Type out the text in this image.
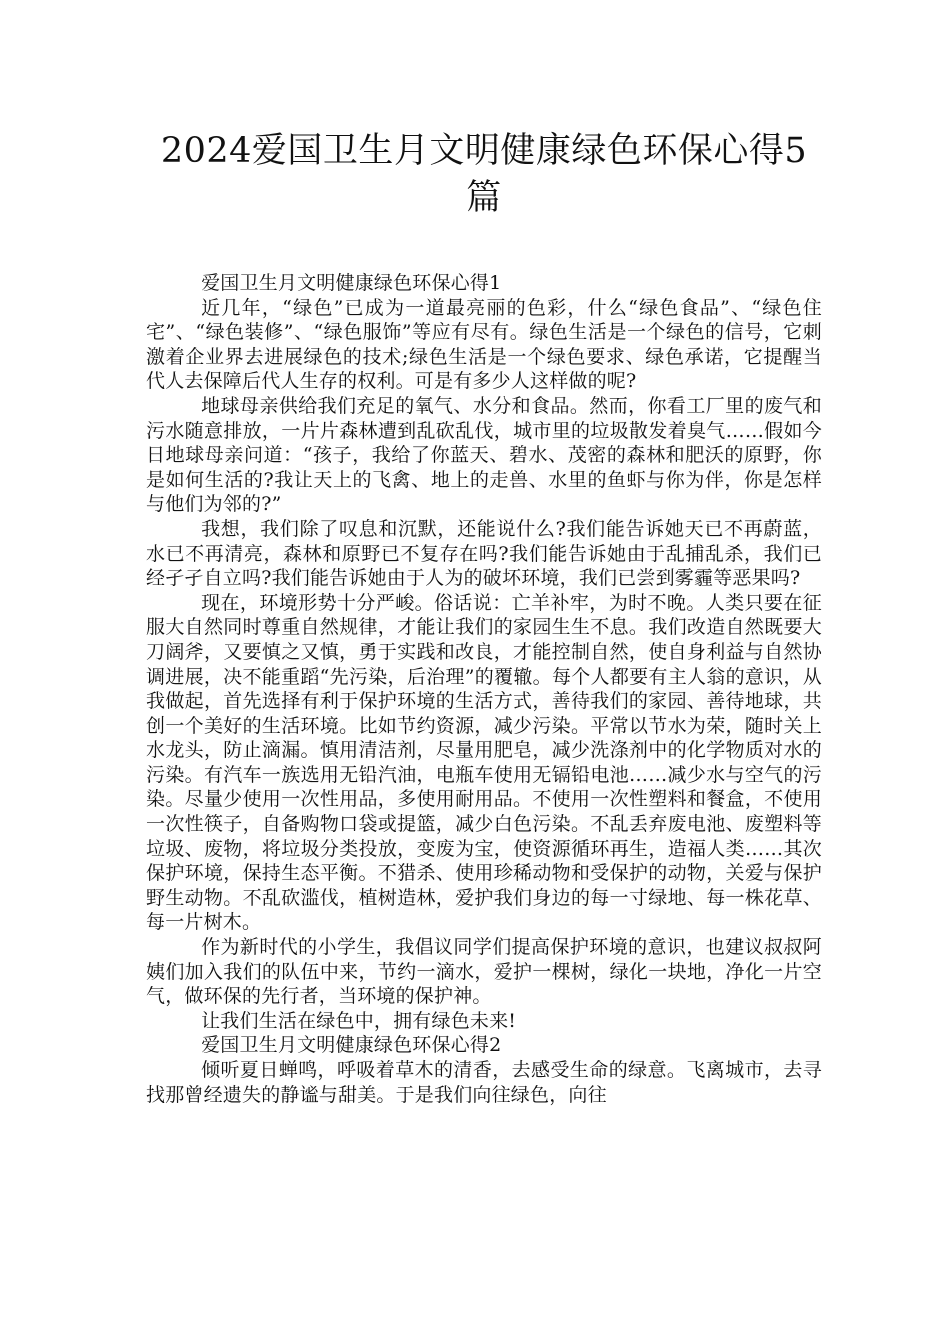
2024爱国卫生月文明健康绿色环保心得5篇

爱国卫生月文明健康绿色环保心得1

近几年，“绿色”已成为一道最亮丽的色彩，什么“绿色食品”、“绿色住宅”、“绿色装修”、“绿色服饰”等应有尽有。绿色生活是一个绿色的信号，它刺激着企业界去进展绿色的技术;绿色生活是一个绿色要求、绿色承诺，它提醒当代人去保障后代人生存的权利。可是有多少人这样做的呢?

地球母亲供给我们充足的氧气、水分和食品。然而，你看工厂里的废气和污水随意排放，一片片森林遭到乱砍乱伐，城市里的垃圾散发着臭气……假如今日地球母亲问道：“孩子，我给了你蓝天、碧水、茂密的森林和肥沃的原野，你是如何生活的?我让天上的飞禽、地上的走兽、水里的鱼虾与你为伴，你是怎样与他们为邻的?”

我想，我们除了叹息和沉默，还能说什么?我们能告诉她天已不再蔚蓝，水已不再清亮，森林和原野已不复存在吗?我们能告诉她由于乱捕乱杀，我们已经孑孑自立吗?我们能告诉她由于人为的破坏环境，我们已尝到雾霾等恶果吗?

现在，环境形势十分严峻。俗话说：亡羊补牢，为时不晚。人类只要在征服大自然同时尊重自然规律，才能让我们的家园生生不息。我们改造自然既要大刀阔斧，又要慎之又慎，勇于实践和改良，才能控制自然，使自身利益与自然协调进展，决不能重蹈“先污染，后治理”的覆辙。每个人都要有主人翁的意识，从我做起，首先选择有利于保护环境的生活方式，善待我们的家园、善待地球，共创一个美好的生活环境。比如节约资源，减少污染。平常以节水为荣，随时关上水龙头，防止滴漏。慎用清洁剂，尽量用肥皂，减少洗涤剂中的化学物质对水的污染。有汽车一族选用无铅汽油，电瓶车使用无镉铅电池……减少水与空气的污染。尽量少使用一次性用品，多使用耐用品。不使用一次性塑料和餐盒，不使用一次性筷子，自备购物口袋或提篮，减少白色污染。不乱丢弃废电池、废塑料等垃圾、废物，将垃圾分类投放，变废为宝，使资源循环再生，造福人类……其次保护环境，保持生态平衡。不猎杀、使用珍稀动物和受保护的动物，关爱与保护野生动物。不乱砍滥伐，植树造林，爱护我们身边的每一寸绿地、每一株花草、每一片树木。

作为新时代的小学生，我倡议同学们提高保护环境的意识，也建议叔叔阿姨们加入我们的队伍中来，节约一滴水，爱护一棵树，绿化一块地，净化一片空气，做环保的先行者，当环境的保护神。

让我们生活在绿色中，拥有绿色未来!

爱国卫生月文明健康绿色环保心得2

倾听夏日蝉鸣，呼吸着草木的清香，去感受生命的绿意。飞离城市，去寻找那曾经遗失的静谧与甜美。于是我们向往绿色，向往
